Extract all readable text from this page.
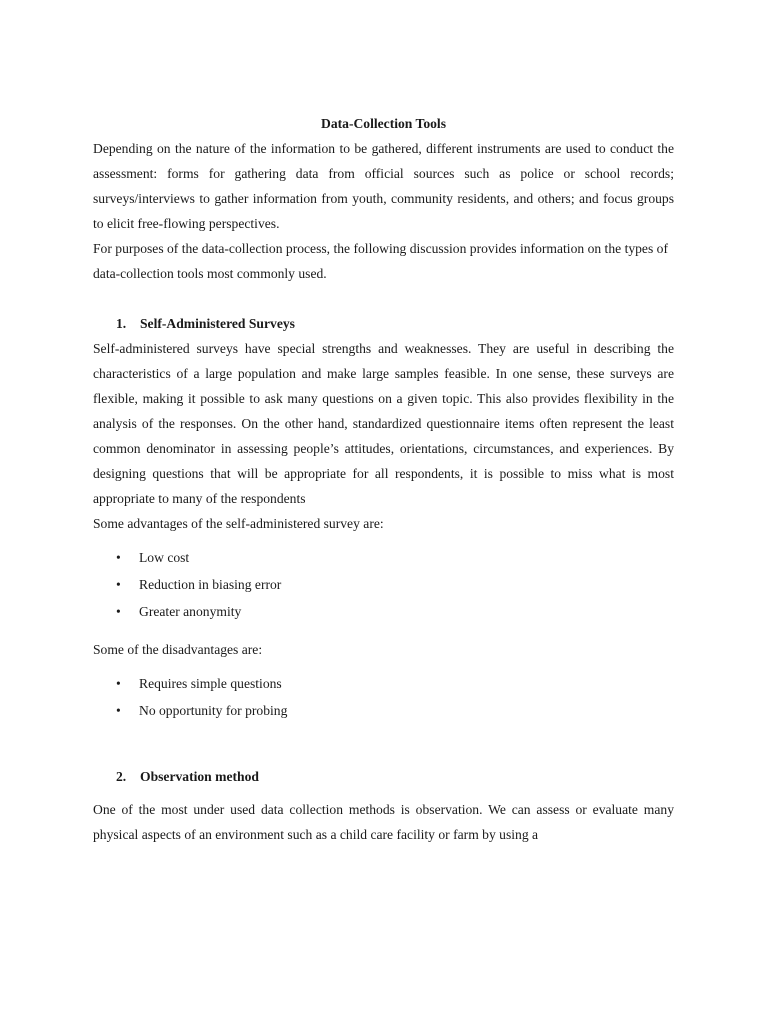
Data-Collection Tools

Depending on the nature of the information to be gathered, different instruments are used to conduct the assessment: forms for gathering data from official sources such as police or school records; surveys/interviews to gather information from youth, community residents, and others; and focus groups to elicit free-flowing perspectives.

For purposes of the data-collection process, the following discussion provides information on the types of data-collection tools most commonly used.

1. Self-Administered Surveys

Self-administered surveys have special strengths and weaknesses. They are useful in describing the characteristics of a large population and make large samples feasible. In one sense, these surveys are flexible, making it possible to ask many questions on a given topic. This also provides flexibility in the analysis of the responses. On the other hand, standardized questionnaire items often represent the least common denominator in assessing people’s attitudes, orientations, circumstances, and experiences. By designing questions that will be appropriate for all respondents, it is possible to miss what is most appropriate to many of the respondents

Some advantages of the self-administered survey are:

• Low cost
• Reduction in biasing error
• Greater anonymity

Some of the disadvantages are:

• Requires simple questions
• No opportunity for probing
2. Observation method

One of the most under used data collection methods is observation. We can assess or evaluate many physical aspects of an environment such as a child care facility or farm by using a
